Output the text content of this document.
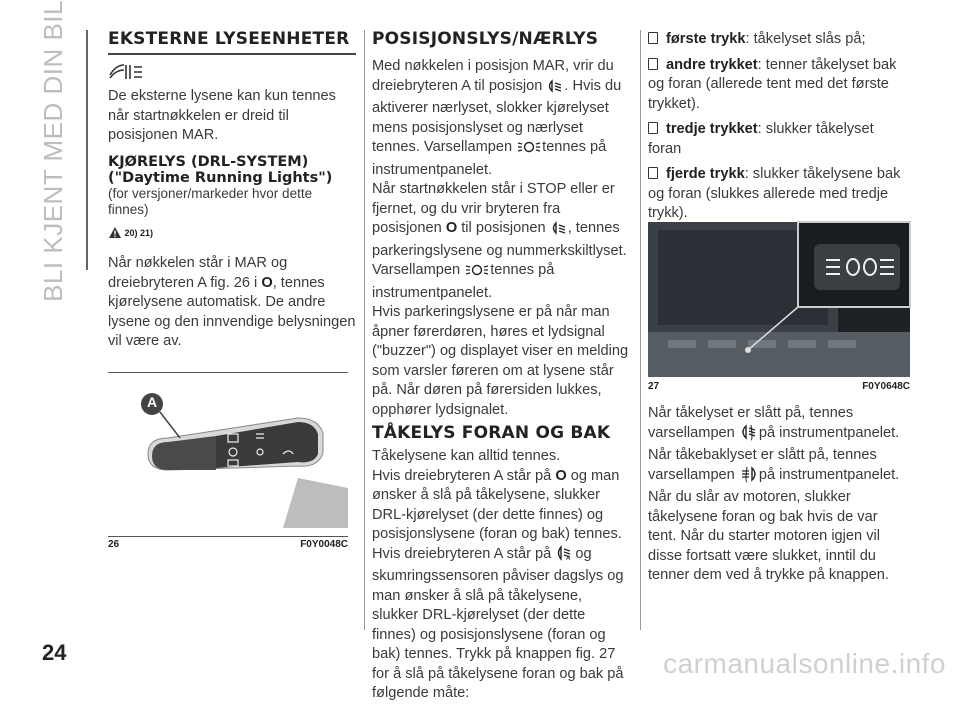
BLI KJENT MED DIN BIL
24
EKSTERNE LYSEENHETER

De eksterne lysene kan kun tennes når startnøkkelen er dreid til posisjonen MAR.

KJØRELYS (DRL-SYSTEM) ("Daytime Running Lights")

(for versjoner/markeder hvor dette finnes)

20) 21)

Når nøkkelen står i MAR og dreiebryteren A fig. 26 i O, tennes kjørelysene automatisk. De andre lysene og den innvendige belysningen vil være av.

A
26	F0Y0048C
POSISJONSLYS/NÆRLYS

Med nøkkelen i posisjon MAR, vrir du dreiebryteren A til posisjon . Hvis du aktiverer nærlyset, slokker kjørelyset mens posisjonslyset og nærlyset tennes. Varsellampen tennes på instrumentpanelet.

Når startnøkkelen står i STOP eller er fjernet, og du vrir bryteren fra posisjonen O til posisjonen , tennes parkeringslysene og nummerkskiltlyset. Varsellampen tennes på instrumentpanelet.

Hvis parkeringslysene er på når man åpner førerdøren, høres et lydsignal ("buzzer") og displayet viser en melding som varsler føreren om at lysene står på. Når døren på førersiden lukkes, opphører lydsignalet.

TÅKELYS FORAN OG BAK

Tåkelysene kan alltid tennes.

Hvis dreiebryteren A står på O og man ønsker å slå på tåkelysene, slukker DRL-kjørelyset (der dette finnes) og posisjonslysene (foran og bak) tennes.

Hvis dreiebryteren A står på	A og skumringssensoren påviser dagslys og man ønsker å slå på tåkelysene, slukker DRL-kjørelyset (der dette finnes) og posisjonslysene (foran og bak) tennes. Trykk på knappen fig. 27 for å slå på tåkelysene foran og bak på følgende måte:

første trykk: tåkelyset slås på;

andre trykket: tenner tåkelyset bak og foran (allerede tent med det første trykket).

tredje trykket: slukker tåkelyset foran

fjerde trykk: slukker tåkelysene bak og foran (slukkes allerede med tredje trykk).

27	F0Y0648C

Når tåkelyset er slått på, tennes varsellampen på instrumentpanelet.

Når tåkebaklyset er slått på, tennes varsellampen på instrumentpanelet.

Når du slår av motoren, slukker tåkelysene foran og bak hvis de var tent. Når du starter motoren igjen vil disse fortsatt være slukket, inntil du tenner dem ved å trykke på knappen.

carmanualsonline.info
